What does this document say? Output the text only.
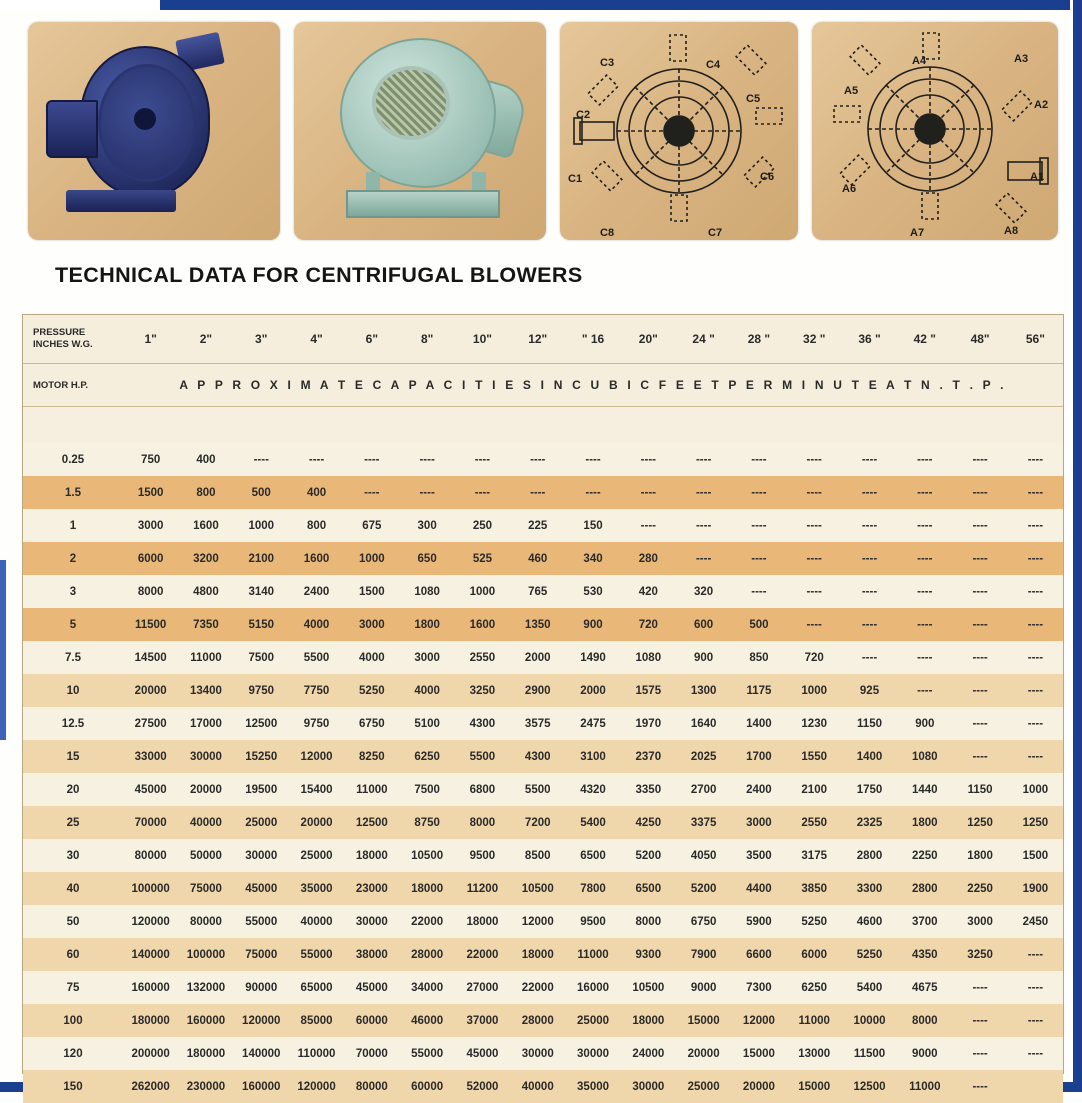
C1
C2
C3	C4
C5
C6
C7
C8
A1
A2
A3
A4
A5
A6
A7	A8
TECHNICAL DATA FOR CENTRIFUGAL BLOWERS
PRESSURE
INCHES W.G.	1"	2"	3"	4"	6"	8"	10"	12"	" 16	20"	24 "	28 "	32 "	36 "	42 "	48"	56"
MOTOR H.P.	A P P R O X I M A T E C A P A C I T I E S I N C U B I C F E E T P E R M I N U T E A T N . T . P .																

0.25	750	400	----	----	----	----	----	----	----	----	----	----	----	----	----	----	----
1.5	1500	800	500	400	----	----	----	----	----	----	----	----	----	----	----	----	----
1	3000	1600	1000	800	675	300	250	225	150	----	----	----	----	----	----	----	----
2	6000	3200	2100	1600	1000	650	525	460	340	280	----	----	----	----	----	----	----
3	8000	4800	3140	2400	1500	1080	1000	765	530	420	320	----	----	----	----	----	----
5	11500	7350	5150	4000	3000	1800	1600	1350	900	720	600	500	----	----	----	----	----
7.5	14500	11000	7500	5500	4000	3000	2550	2000	1490	1080	900	850	720	----	----	----	----
10	20000	13400	9750	7750	5250	4000	3250	2900	2000	1575	1300	1175	1000	925	----	----	----
12.5	27500	17000	12500	9750	6750	5100	4300	3575	2475	1970	1640	1400	1230	1150	900	----	----
15	33000	30000	15250	12000	8250	6250	5500	4300	3100	2370	2025	1700	1550	1400	1080	----	----
20	45000	20000	19500	15400	11000	7500	6800	5500	4320	3350	2700	2400	2100	1750	1440	1150	1000
25	70000	40000	25000	20000	12500	8750	8000	7200	5400	4250	3375	3000	2550	2325	1800	1250	1250
30	80000	50000	30000	25000	18000	10500	9500	8500	6500	5200	4050	3500	3175	2800	2250	1800	1500
40	100000	75000	45000	35000	23000	18000	11200	10500	7800	6500	5200	4400	3850	3300	2800	2250	1900
50	120000	80000	55000	40000	30000	22000	18000	12000	9500	8000	6750	5900	5250	4600	3700	3000	2450
60	140000	100000	75000	55000	38000	28000	22000	18000	11000	9300	7900	6600	6000	5250	4350	3250	----
75	160000	132000	90000	65000	45000	34000	27000	22000	16000	10500	9000	7300	6250	5400	4675	----	----
100	180000	160000	120000	85000	60000	46000	37000	28000	25000	18000	15000	12000	11000	10000	8000	----	----
120	200000	180000	140000	110000	70000	55000	45000	30000	30000	24000	20000	15000	13000	11500	9000	----	----
150	262000	230000	160000	120000	80000	60000	52000	40000	35000	30000	25000	20000	15000	12500	11000	----	
